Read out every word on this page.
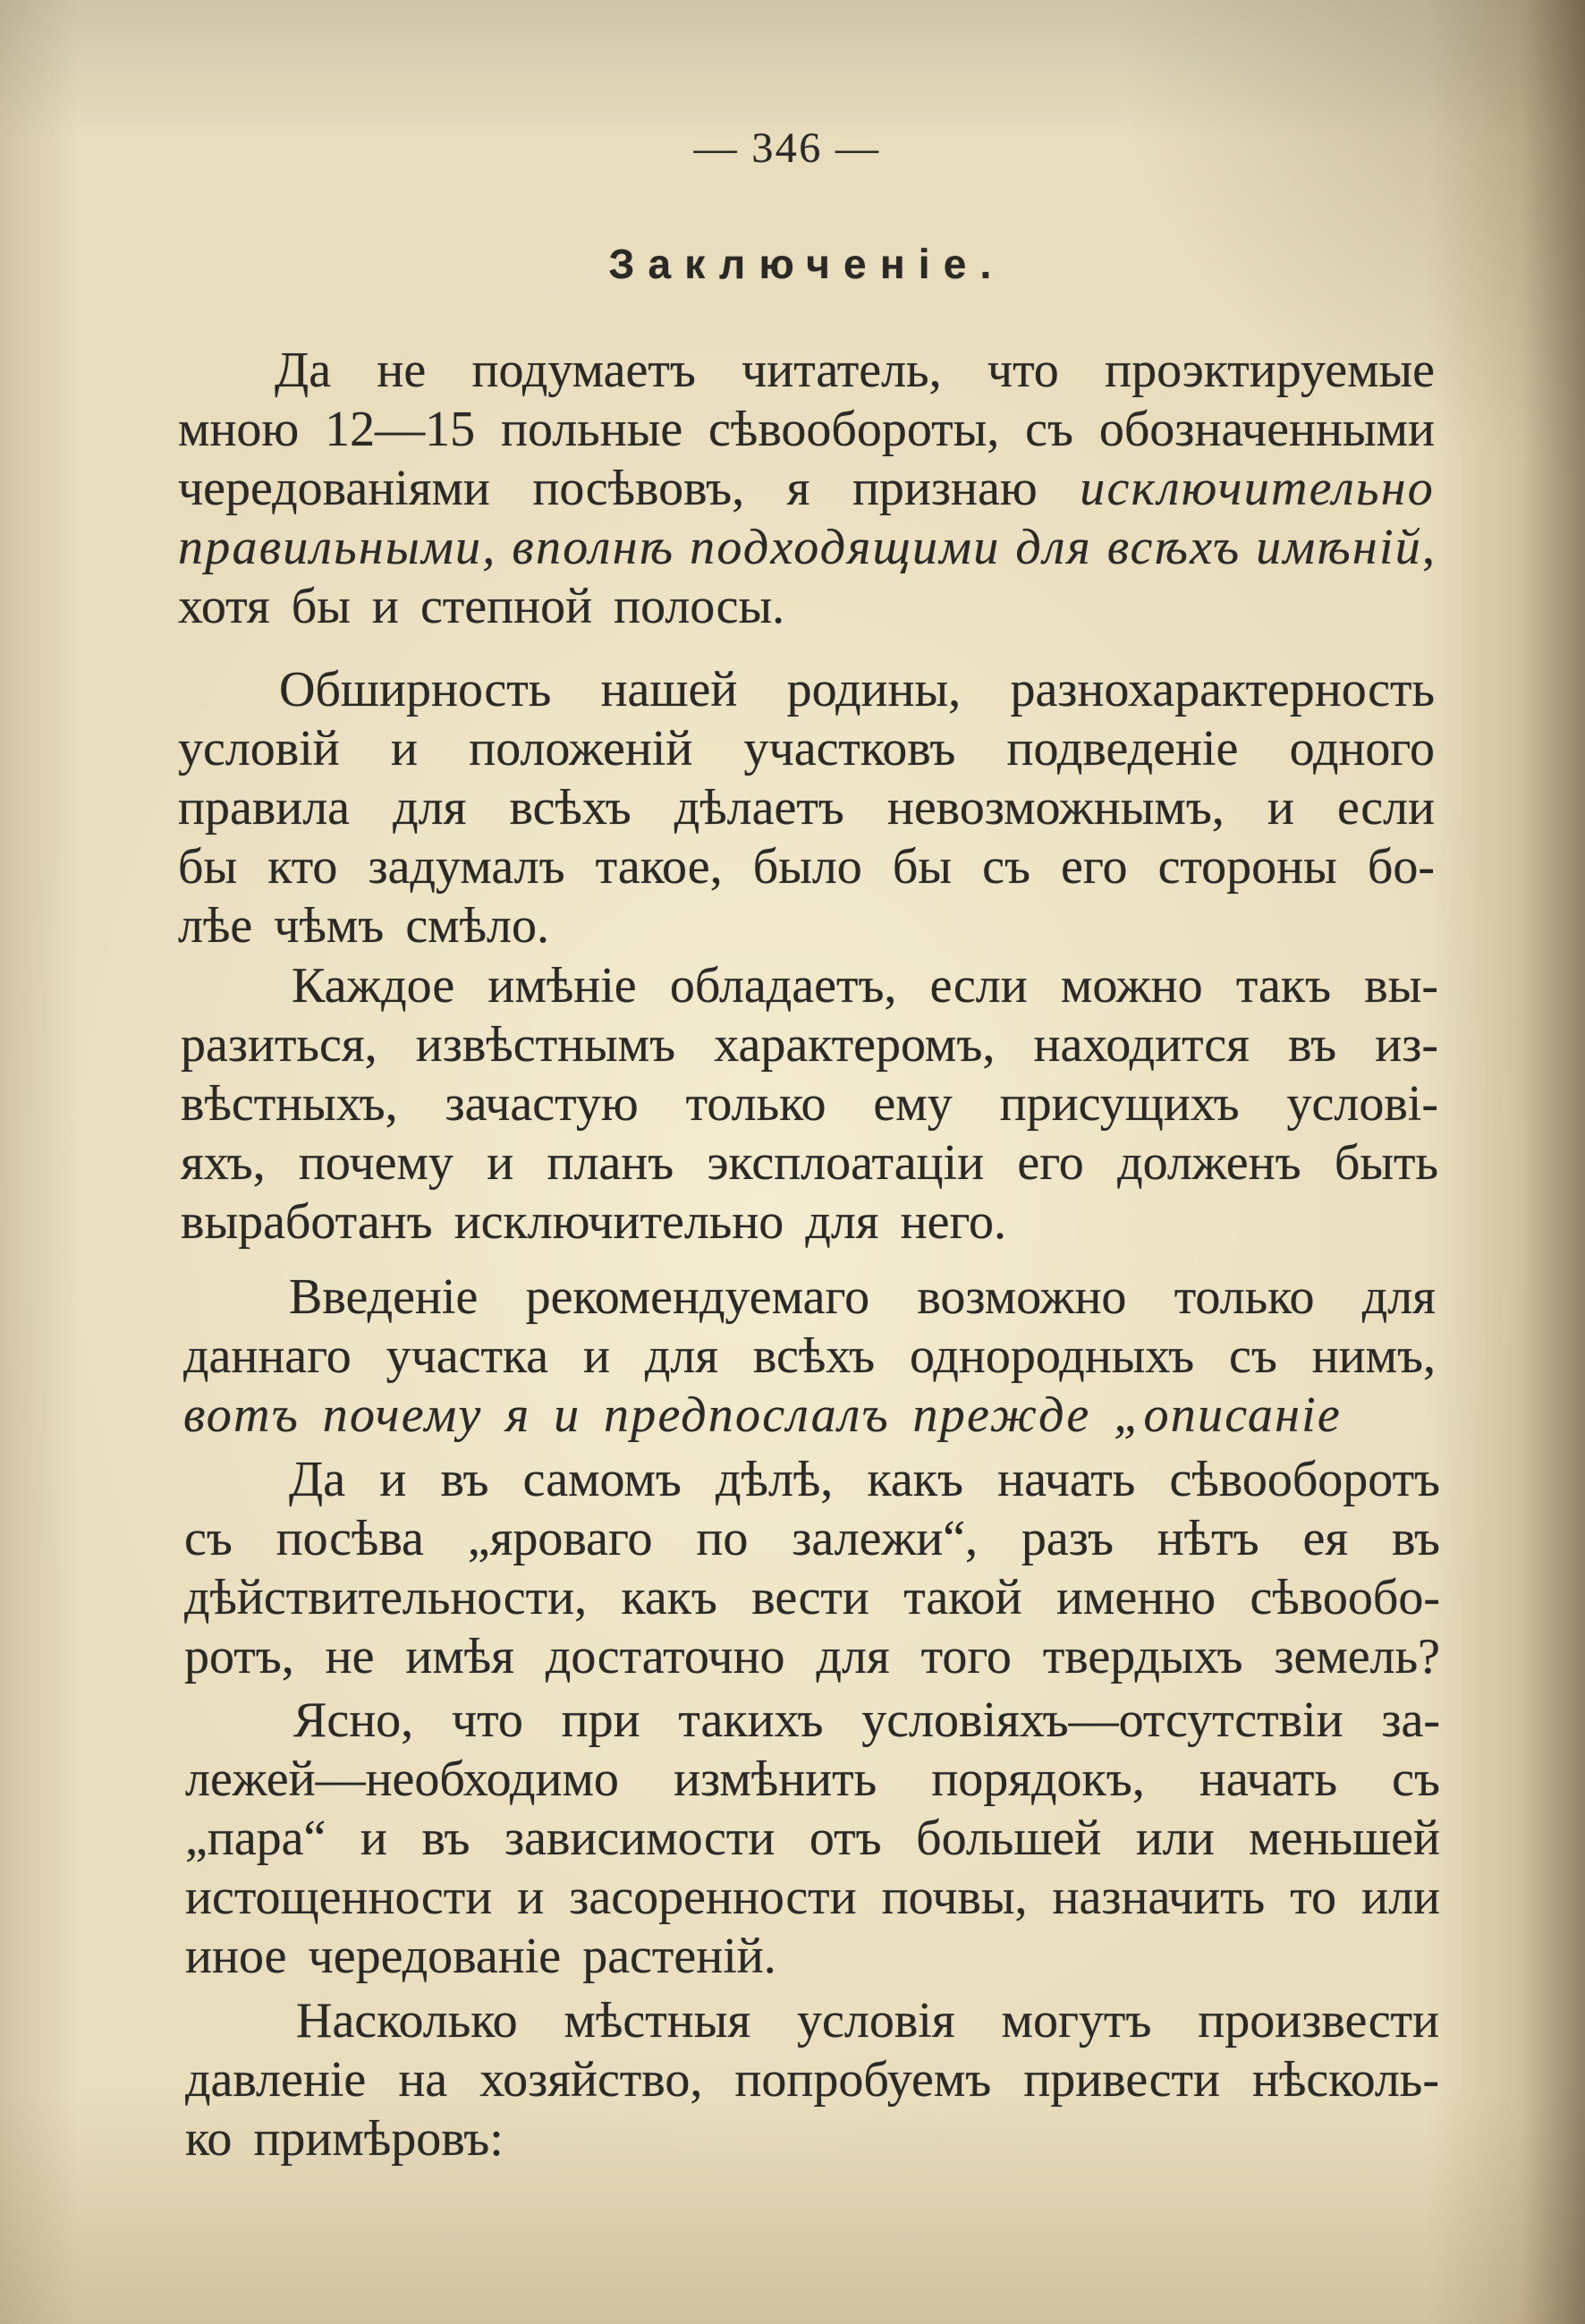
— 346 —
Заключеніе.
Да не подумаетъ читатель, что проэктируемые
мною 12—15 польные сѣвообороты, съ обозначенными
чередованіями посѣвовъ, я признаю исключительно
правильными, вполнѣ подходящими для всѣхъ имѣній,
хотя бы и степной полосы.
Обширность нашей родины, разнохарактерность
условій и положеній участковъ подведеніе одного
правила для всѣхъ дѣлаетъ невозможнымъ, и если
бы кто задумалъ такое, было бы съ его стороны бо-
лѣе чѣмъ смѣло.
Каждое имѣніе обладаетъ, если можно такъ вы-
разиться, извѣстнымъ характеромъ, находится въ из-
вѣстныхъ, зачастую только ему присущихъ услові-
яхъ, почему и планъ эксплоатаціи его долженъ быть
выработанъ исключительно для него.
Введеніе рекомендуемаго возможно только для
даннаго участка и для всѣхъ однородныхъ съ нимъ,
вотъ почему я и предпослалъ прежде „описаніе
Да и въ самомъ дѣлѣ, какъ начать сѣвооборотъ
съ посѣва „яроваго по залежи“, разъ нѣтъ ея въ
дѣйствительности, какъ вести такой именно сѣвообо-
ротъ, не имѣя достаточно для того твердыхъ земель?
Ясно, что при такихъ условіяхъ—отсутствіи за-
лежей—необходимо измѣнить порядокъ, начать съ
„пара“ и въ зависимости отъ большей или меньшей
истощенности и засоренности почвы, назначить то или
иное чередованіе растеній.
Насколько мѣстныя условія могутъ произвести
давленіе на хозяйство, попробуемъ привести нѣсколь-
ко примѣровъ:
